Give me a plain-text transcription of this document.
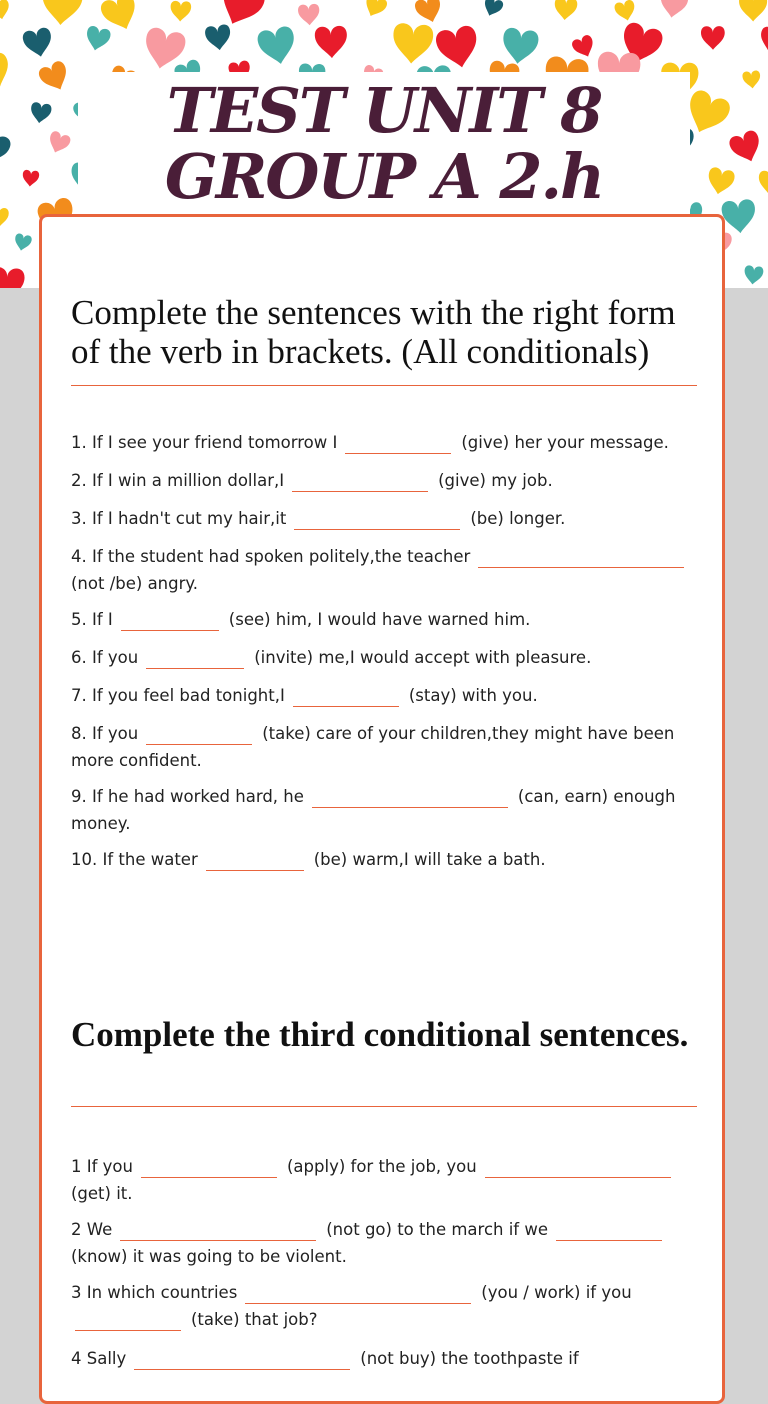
TEST UNIT 8 GROUP A 2.h
Complete the sentences with the right form of the verb in brackets. (All conditionals)

1. If I see your friend tomorrow I	(give) her your message.

2. If I win a million dollar,I	(give) my job.

3. If I hadn't cut my hair,it	(be) longer.

4. If the student had spoken politely,the teacher(not /be) angry.

5. If I	(see) him, I would have warned him.

6. If you	(invite) me,I would accept with pleasure.

7. If you feel bad tonight,I	(stay) with you.

8. If you	(take) care of your children,they might have been more confident.

9. If he had worked hard, he	(can, earn) enough money.

10. If the water	(be) warm,I will take a bath.

Complete the third conditional sentences.

1 If you	(apply) for the job, you(get) it.

2 We	(not go) to the march if we(know) it was going to be violent.

3 In which countries	(you / work) if you(take) that job?

4 Sally	(not buy) the toothpaste if
